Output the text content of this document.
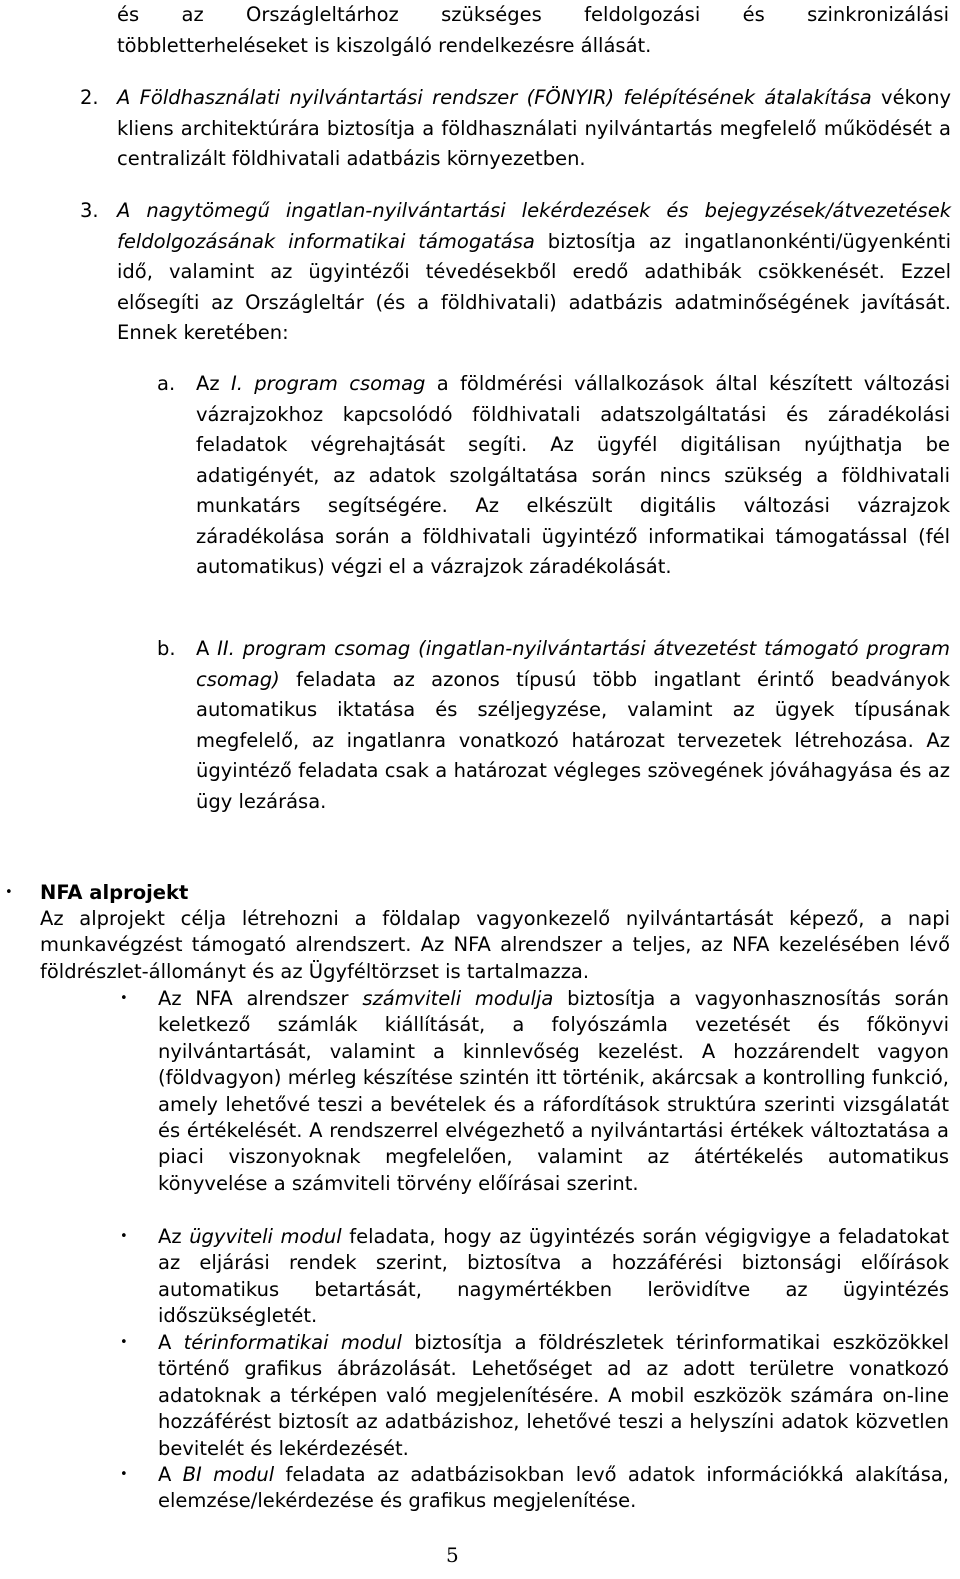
és az Országleltárhoz szükséges feldolgozási és szinkronizálási
többletterheléseket is kiszolgáló rendelkezésre állását.
2. A Földhasználati nyilvántartási rendszer (FÖNYIR) felépítésének átalakítása vékony kliens architektúrára biztosítja a földhasználati nyilvántartás megfelelő működését a centralizált földhivatali adatbázis környezetben.
3. A nagytömegű ingatlan-nyilvántartási lekérdezések és bejegyzések/átvezetések feldolgozásának informatikai támogatása biztosítja az ingatlanonkénti/ügyenkénti idő, valamint az ügyintézői tévedésekből eredő adathibák csökkenését. Ezzel elősegíti az Országleltár (és a földhivatali) adatbázis adatminőségének javítását. Ennek keretében:
a. Az I. program csomag a földmérési vállalkozások által készített változási vázrajzokhoz kapcsolódó földhivatali adatszolgáltatási és záradékolási feladatok végrehajtását segíti. Az ügyfél digitálisan nyújthatja be adatigényét, az adatok szolgáltatása során nincs szükség a földhivatali munkatárs segítségére. Az elkészült digitális változási vázrajzok záradékolása során a földhivatali ügyintéző informatikai támogatással (fél automatikus) végzi el a vázrajzok záradékolását.
b. A II. program csomag (ingatlan-nyilvántartási átvezetést támogató program csomag) feladata az azonos típusú több ingatlant érintő beadványok automatikus iktatása és széljegyzése, valamint az ügyek típusának megfelelő, az ingatlanra vonatkozó határozat tervezetek létrehozása. Az ügyintéző feladata csak a határozat végleges szövegének jóváhagyása és az ügy lezárása.
• NFA alprojekt
Az alprojekt célja létrehozni a földalap vagyonkezelő nyilvántartását képező, a napi munkavégzést támogató alrendszert. Az NFA alrendszer a teljes, az NFA kezelésében lévő földrészlet-állományt és az Ügyféltörzset is tartalmazza.
• Az NFA alrendszer számviteli modulja biztosítja a vagyonhasznosítás során keletkező számlák kiállítását, a folyószámla vezetését és főkönyvi nyilvántartását, valamint a kinnlevőség kezelést. A hozzárendelt vagyon (földvagyon) mérleg készítése szintén itt történik, akárcsak a kontrolling funkció, amely lehetővé teszi a bevételek és a ráfordítások struktúra szerinti vizsgálatát és értékelését. A rendszerrel elvégezhető a nyilvántartási értékek változtatása a piaci viszonyoknak megfelelően, valamint az átértékelés automatikus könyvelése a számviteli törvény előírásai szerint.
• Az ügyviteli modul feladata, hogy az ügyintézés során végigvigye a feladatokat az eljárási rendek szerint, biztosítva a hozzáférési biztonsági előírások automatikus betartását, nagymértékben lerövidítve az ügyintézés időszükségletét.
• A térinformatikai modul biztosítja a földrészletek térinformatikai eszközökkel történő grafikus ábrázolását. Lehetőséget ad az adott területre vonatkozó adatoknak a térképen való megjelenítésére. A mobil eszközök számára on-line hozzáférést biztosít az adatbázishoz, lehetővé teszi a helyszíni adatok közvetlen bevitelét és lekérdezését.
• A BI modul feladata az adatbázisokban levő adatok információkká alakítása, elemzése/lekérdezése és grafikus megjelenítése.
5
